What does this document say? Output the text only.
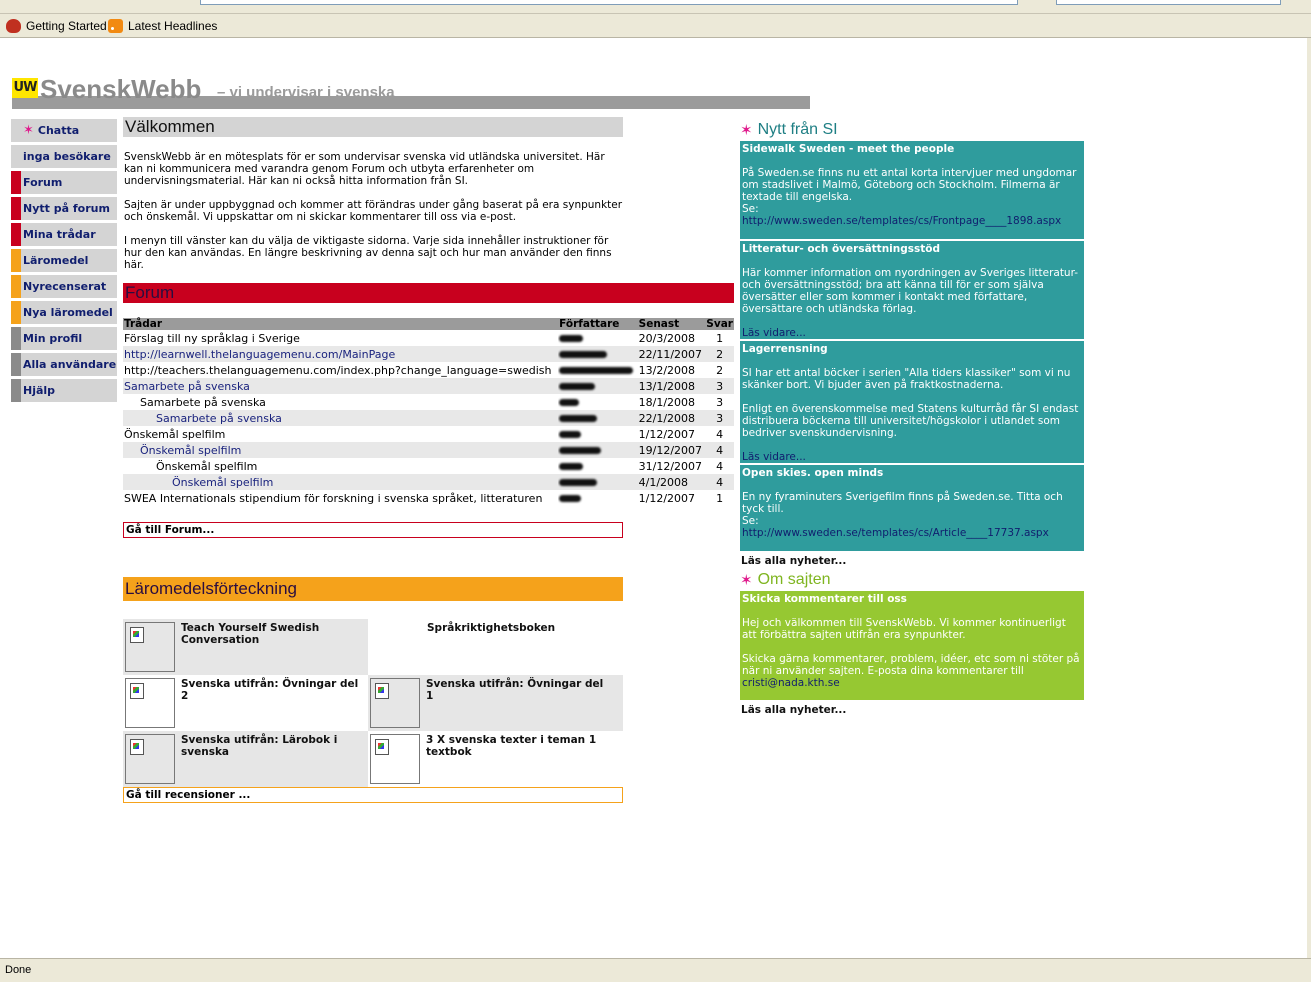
Getting Started Latest Headlines
UW SvenskWebb – vi undervisar i svenska
✶ Chatta
inga besökare
Forum
Nytt på forum
Mina trådar
Läromedel
Nyrecenserat
Nya läromedel
Min profil
Alla användare
Hjälp
Välkommen

SvenskWebb är en mötesplats för er som undervisar svenska vid utländska universitet. Här kan ni kommunicera med varandra genom Forum och utbyta erfarenheter om undervisningsmaterial. Här kan ni också hitta information från SI.

Sajten är under uppbyggnad och kommer att förändras under gång baserat på era synpunkter och önskemål. Vi uppskattar om ni skickar kommentarer till oss via e-post.

I menyn till vänster kan du välja de viktigaste sidorna. Varje sida innehåller instruktioner för hur den kan användas. En längre beskrivning av denna sajt och hur man använder den finns här.

Forum
Trådar	Författare	Senast	Svar
Förslag till ny språklag i Sverige		20/3/2008	1
http://learnwell.thelanguagemenu.com/MainPage		22/11/2007	2
http://teachers.thelanguagemenu.com/index.php?change_language=swedish		13/2/2008	2
Samarbete på svenska		13/1/2008	3
Samarbete på svenska		18/1/2008	3
Samarbete på svenska		22/1/2008	3
Önskemål spelfilm		1/12/2007	4
Önskemål spelfilm		19/12/2007	4
Önskemål spelfilm		31/12/2007	4
Önskemål spelfilm		4/1/2008	4
SWEA Internationals stipendium för forskning i svenska språket, litteraturen		1/12/2007	1
Gå till Forum...
Läromedelsförteckning
Teach Yourself Swedish Conversation
Språkriktighetsboken
Svenska utifrån: Övningar del 2
Svenska utifrån: Övningar del 1
Svenska utifrån: Lärobok i svenska
3 X svenska texter i teman 1 textbok
Gå till recensioner ...
✶ Nytt från SI
Sidewalk Sweden - meet the people
På Sweden.se finns nu ett antal korta intervjuer med ungdomar om stadslivet i Malmö, Göteborg och Stockholm. Filmerna är textade till engelska.
Se:
http://www.sweden.se/templates/cs/Frontpage____1898.aspx
Litteratur- och översättningsstöd
Här kommer information om nyordningen av Sveriges litteratur- och översättningsstöd; bra att känna till för er som själva översätter eller som kommer i kontakt med författare, översättare och utländska förlag.
Läs vidare...
Lagerrensning
SI har ett antal böcker i serien "Alla tiders klassiker" som vi nu skänker bort. Vi bjuder även på fraktkostnaderna.
Enligt en överenskommelse med Statens kulturråd får SI endast distribuera böckerna till universitet/högskolor i utlandet som bedriver svenskundervisning.
Läs vidare...
Open skies. open minds
En ny fyraminuters Sverigefilm finns på Sweden.se. Titta och tyck till.
Se:
http://www.sweden.se/templates/cs/Article____17737.aspx
Läs alla nyheter...
✶ Om sajten
Skicka kommentarer till oss
Hej och välkommen till SvenskWebb. Vi kommer kontinuerligt att förbättra sajten utifrån era synpunkter.
Skicka gärna kommentarer, problem, idéer, etc som ni stöter på när ni använder sajten. E-posta dina kommentarer till cristi@nada.kth.se
Läs alla nyheter...
Done
